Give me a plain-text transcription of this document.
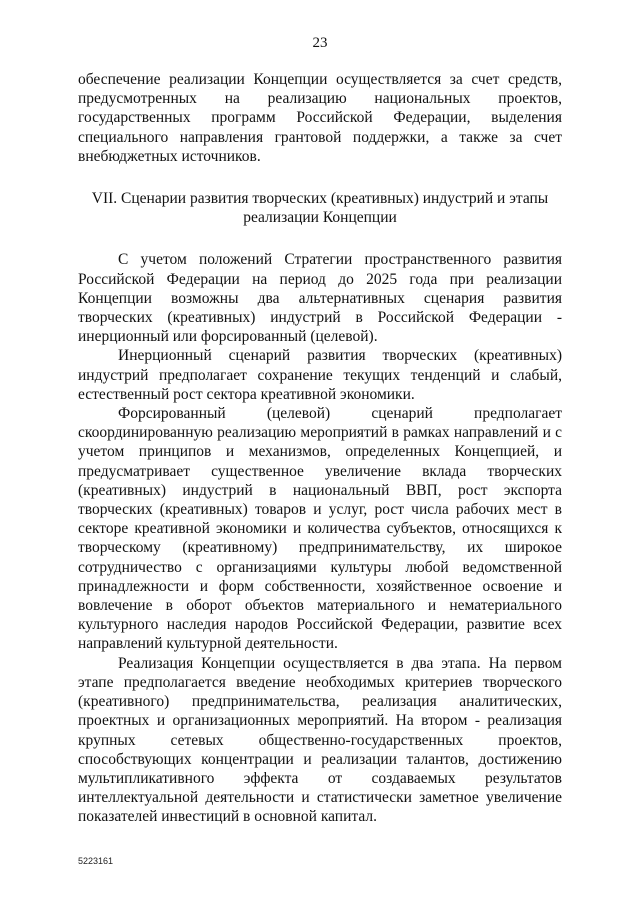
23

обеспечение реализации Концепции осуществляется за счет средств, предусмотренных на реализацию национальных проектов, государственных программ Российской Федерации, выделения специального направления грантовой поддержки, а также за счет внебюджетных источников.

VII. Сценарии развития творческих (креативных) индустрий и этапы реализации Концепции

С учетом положений Стратегии пространственного развития Российской Федерации на период до 2025 года при реализации Концепции возможны два альтернативных сценария развития творческих (креативных) индустрий в Российской Федерации - инерционный или форсированный (целевой).

Инерционный сценарий развития творческих (креативных) индустрий предполагает сохранение текущих тенденций и слабый, естественный рост сектора креативной экономики.

Форсированный (целевой) сценарий предполагает скоординированную реализацию мероприятий в рамках направлений и с учетом принципов и механизмов, определенных Концепцией, и предусматривает существенное увеличение вклада творческих (креативных) индустрий в национальный ВВП, рост экспорта творческих (креативных) товаров и услуг, рост числа рабочих мест в секторе креативной экономики и количества субъектов, относящихся к творческому (креативному) предпринимательству, их широкое сотрудничество с организациями культуры любой ведомственной принадлежности и форм собственности, хозяйственное освоение и вовлечение в оборот объектов материального и нематериального культурного наследия народов Российской Федерации, развитие всех направлений культурной деятельности.

Реализация Концепции осуществляется в два этапа. На первом этапе предполагается введение необходимых критериев творческого (креативного) предпринимательства, реализация аналитических, проектных и организационных мероприятий. На втором - реализация крупных сетевых общественно-государственных проектов, способствующих концентрации и реализации талантов, достижению мультипликативного эффекта от создаваемых результатов интеллектуальной деятельности и статистически заметное увеличение показателей инвестиций в основной капитал.

5223161
